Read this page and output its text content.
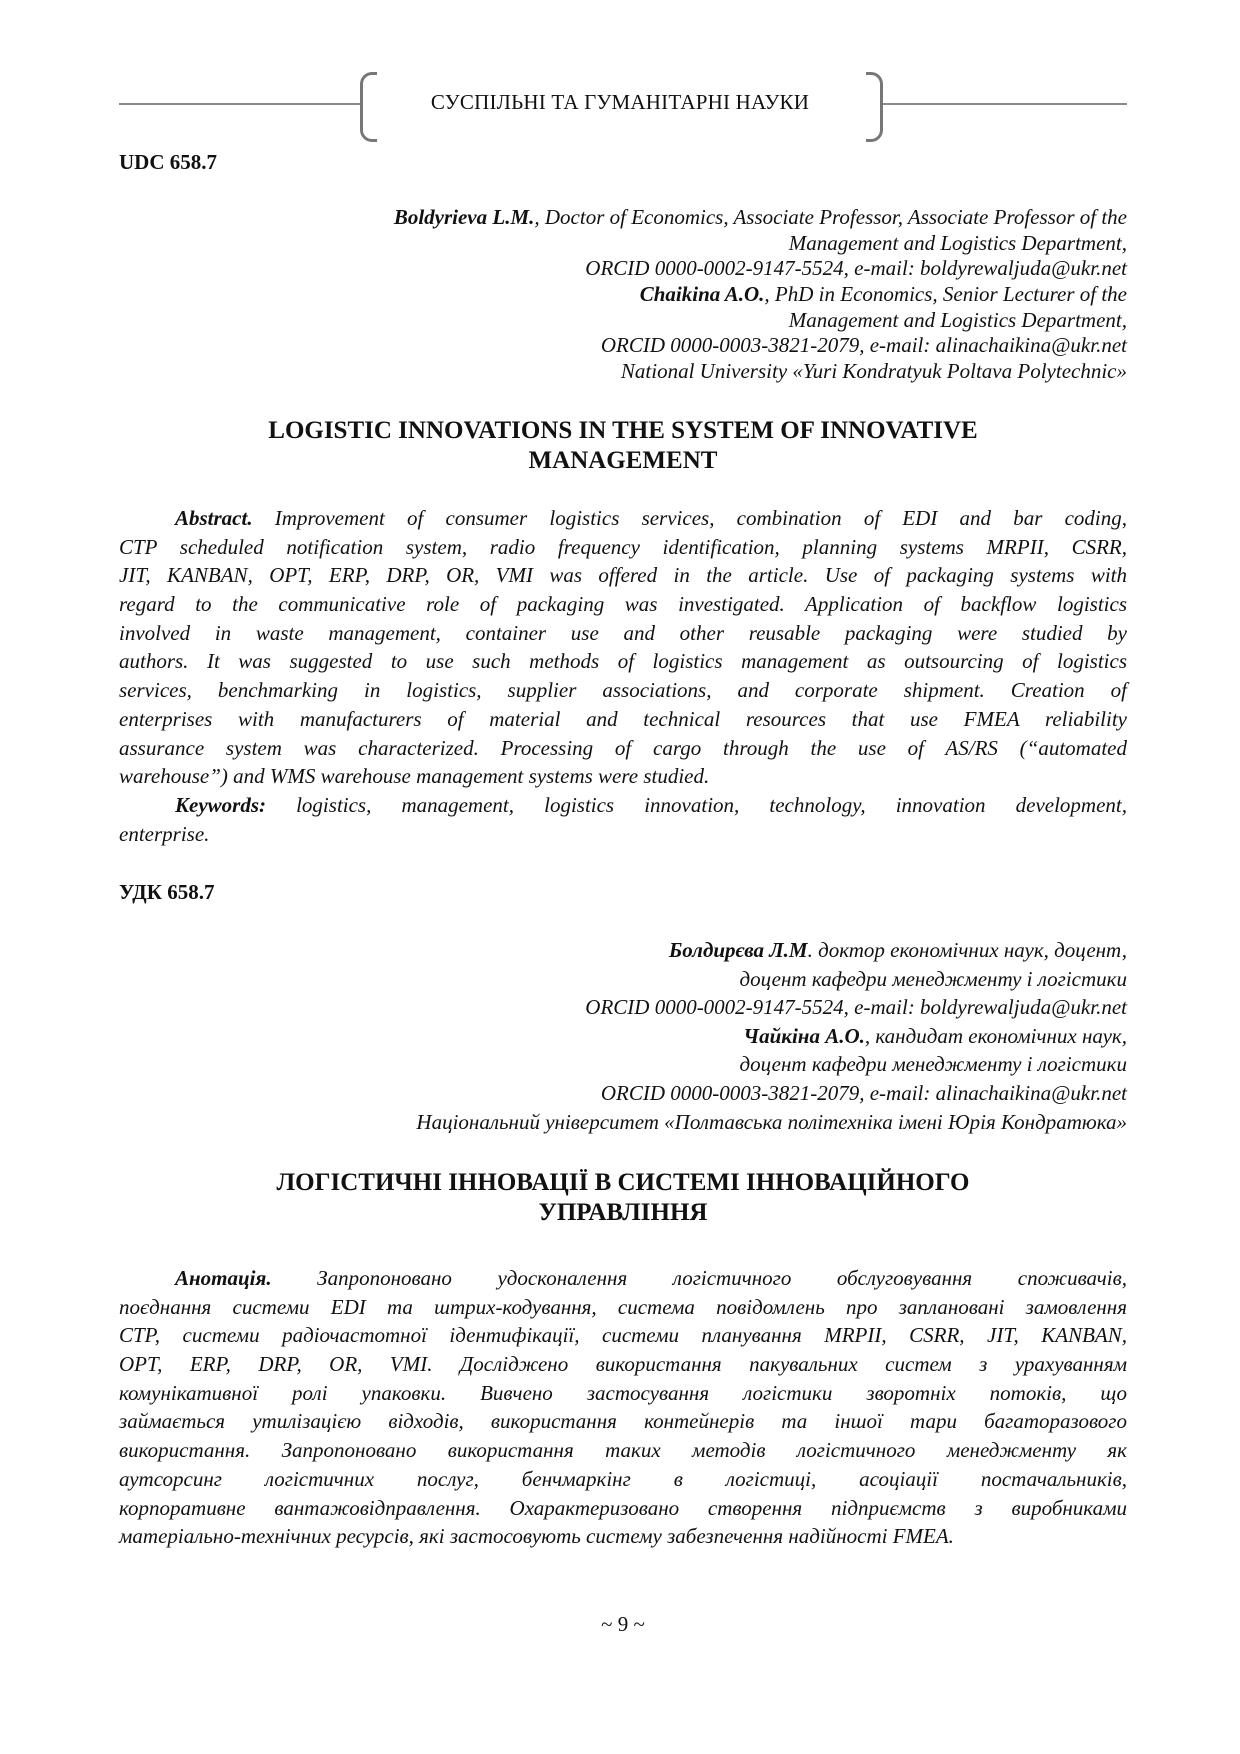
СУСПІЛЬНІ ТА ГУМАНІТАРНІ НАУКИ
UDC 658.7
Boldyrieva L.M., Doctor of Economics, Associate Professor, Associate Professor of the
Management and Logistics Department,
ORCID 0000-0002-9147-5524, e-mail: boldyrewaljuda@ukr.net
Chaikina A.O., PhD in Economics, Senior Lecturer of the
Management and Logistics Department,
ORCID 0000-0003-3821-2079, e-mail: alinachaikina@ukr.net
National University «Yuri Kondratyuk Poltava Polytechnic»
LOGISTIC INNOVATIONS IN THE SYSTEM OF INNOVATIVE
MANAGEMENT
Abstract. Improvement of consumer logistics services, combination of EDI and bar coding,
CTP scheduled notification system, radio frequency identification, planning systems MRPII, CSRR,
JIT, KANBAN, OPT, ERP, DRP, OR, VMI was offered in the article. Use of packaging systems with
regard to the communicative role of packaging was investigated. Application of backflow logistics
involved in waste management, container use and other reusable packaging were studied by
authors. It was suggested to use such methods of logistics management as outsourcing of logistics
services, benchmarking in logistics, supplier associations, and corporate shipment. Creation of
enterprises with manufacturers of material and technical resources that use FMEA reliability
assurance system was characterized. Processing of cargo through the use of AS/RS (“automated
warehouse”) and WMS warehouse management systems were studied.
Keywords: logistics, management, logistics innovation, technology, innovation development,
enterprise.
УДК 658.7
Болдирєва Л.М. доктор економічних наук, доцент,
доцент кафедри менеджменту і логістики
ORCID 0000-0002-9147-5524, e-mail: boldyrewaljuda@ukr.net
Чайкіна А.О., кандидат економічних наук,
доцент кафедри менеджменту і логістики
ORCID 0000-0003-3821-2079, e-mail: alinachaikina@ukr.net
Національний університет «Полтавська політехніка імені Юрія Кондратюка»
ЛОГІСТИЧНІ ІННОВАЦІЇ В СИСТЕМІ ІННОВАЦІЙНОГО
УПРАВЛІННЯ
Анотація. Запропоновано удосконалення логістичного обслуговування споживачів,
поєднання системи EDI та штрих-кодування, система повідомлень про заплановані замовлення
CTP, системи радіочастотної ідентифікації, системи планування MRPII, CSRR, JIT, KANBAN,
OPT, ERP, DRP, OR, VMI. Досліджено використання пакувальних систем з урахуванням
комунікативної ролі упаковки. Вивчено застосування логістики зворотніх потоків, що
займається утилізацією відходів, використання контейнерів та іншої тари багаторазового
використання. Запропоновано використання таких методів логістичного менеджменту як
аутсорсинг логістичних послуг, бенчмаркінг в логістиці, асоціації постачальників,
корпоративне вантажовідправлення. Охарактеризовано створення підприємств з виробниками
матеріально-технічних ресурсів, які застосовують систему забезпечення надійності FMEA.
~ 9 ~
